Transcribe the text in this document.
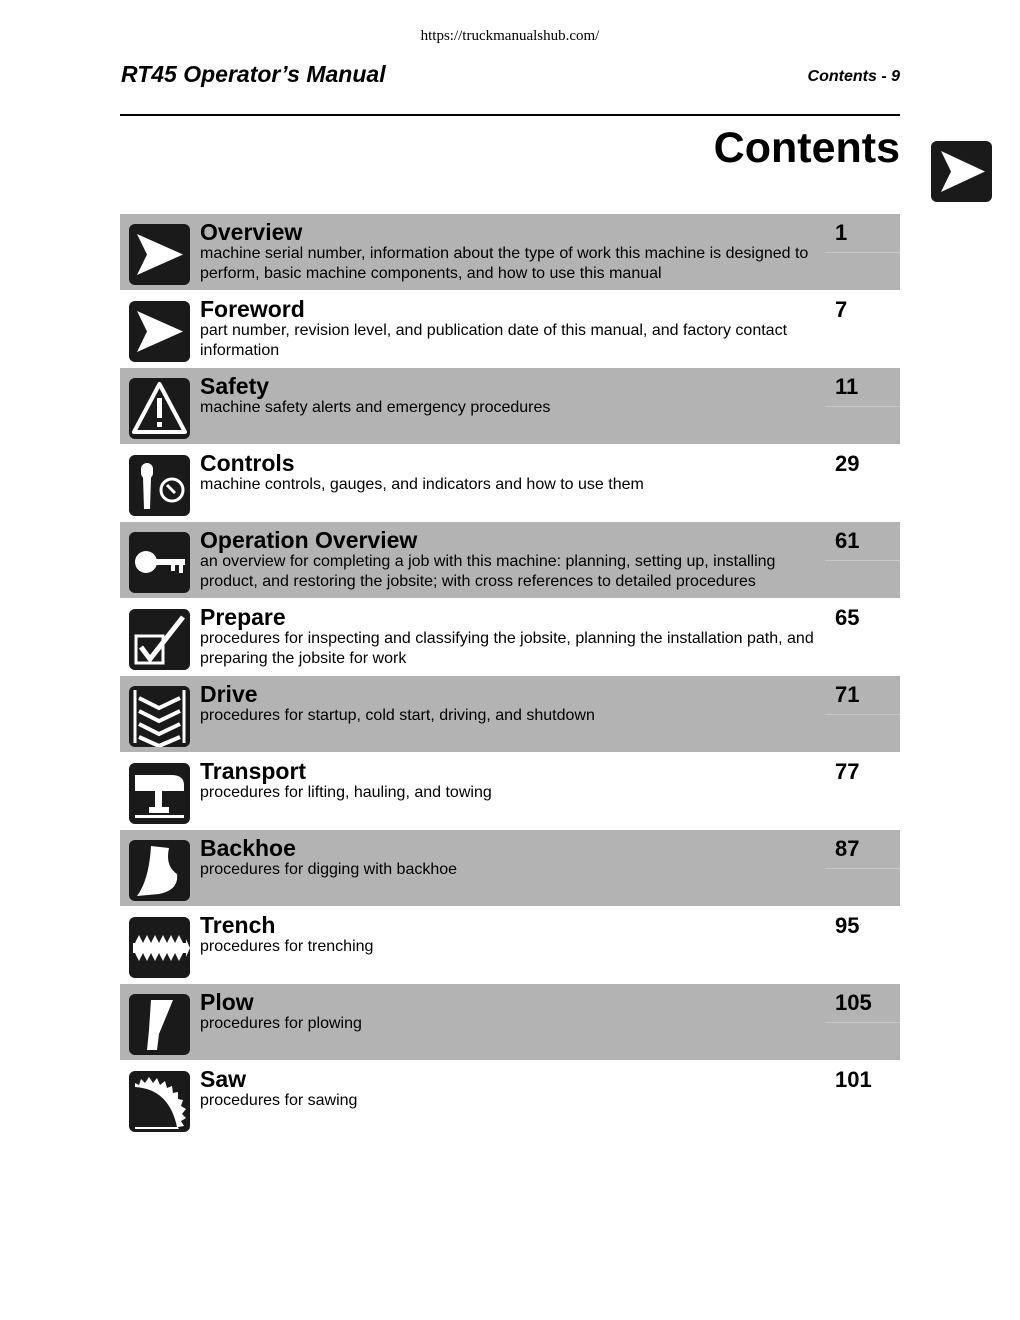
https://truckmanualshub.com/
RT45 Operator’s Manual	Contents - 9
Contents
Overview
machine serial number, information about the type of work this machine is designed to perform, basic machine components, and how to use this manual
1
Foreword
part number, revision level, and publication date of this manual, and factory contact information
7
Safety
machine safety alerts and emergency procedures
11
Controls
machine controls, gauges, and indicators and how to use them
29
Operation Overview
an overview for completing a job with this machine: planning, setting up, installing product, and restoring the jobsite; with cross references to detailed procedures
61
Prepare
procedures for inspecting and classifying the jobsite, planning the installation path, and preparing the jobsite for work
65
Drive
procedures for startup, cold start, driving, and shutdown
71
Transport
procedures for lifting, hauling, and towing
77
Backhoe
procedures for digging with backhoe
87
Trench
procedures for trenching
95
Plow
procedures for plowing
105
Saw
procedures for sawing
101
